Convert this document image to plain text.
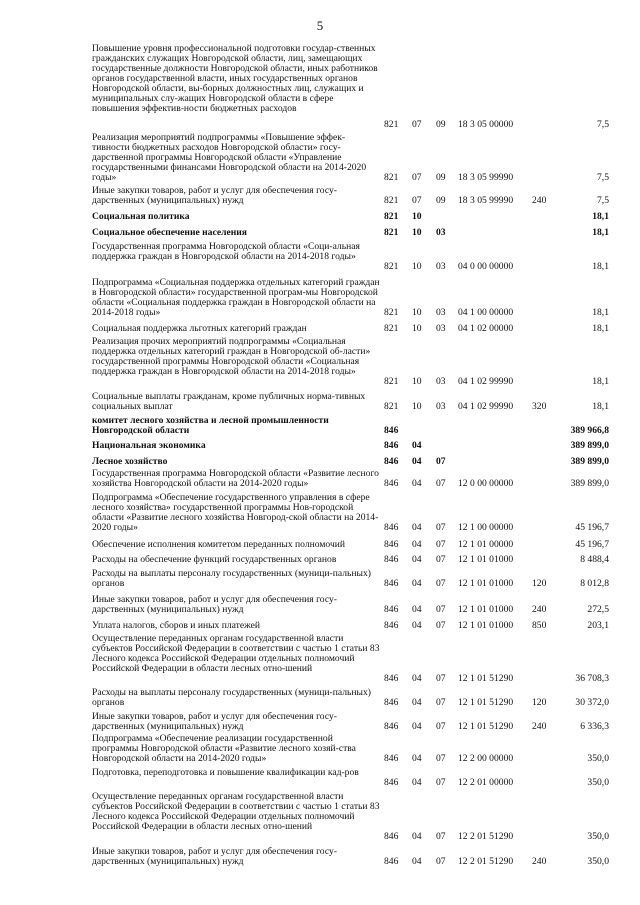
5
Повышение уровня профессиональной подготовки государ-ственных гражданских служащих Новгородской области, лиц, замещающих государственные должности Новгородской области, иных работников органов государственной власти, иных государственных органов Новгородской области, вы-борных должностных лиц, служащих и муниципальных слу-жащих Новгородской области в сфере повышения эффектив-ности бюджетных расходов
821 07 09 18 3 05 00000	7,5
Реализация мероприятий подпрограммы «Повышение эффек-тивности бюджетных расходов Новгородской области» госу-дарственной программы Новгородской области «Управление государственными финансами Новгородской области на 2014-2020 годы»	821 07 09 18 3 05 99990	7,5
Иные закупки товаров, работ и услуг для обеспечения госу-дарственных (муниципальных) нужд	821 07 09 18 3 05 99990 240	7,5
Социальная политика	821 10	18,1
Социальное обеспечение населения	821 10 03	18,1
Государственная программа Новгородской области «Соци-альная поддержка граждан в Новгородской области на 2014-2018 годы»
821 10 03 04 0 00 00000	18,1
Подпрограмма «Социальная поддержка отдельных категорий граждан в Новгородской области» государственной програм-мы Новгородской области «Социальная поддержка граждан в Новгородской области на 2014-2018 годы»	821 10 03 04 1 00 00000	18,1
Социальная поддержка льготных категорий граждан	821 10 03 04 1 02 00000	18,1
Реализация прочих мероприятий подпрограммы «Социальная поддержка отдельных категорий граждан в Новгородской об-ласти» государственной программы Новгородской области «Социальная поддержка граждан в Новгородской области на 2014-2018 годы»
821 10 03 04 1 02 99990	18,1
Социальные выплаты гражданам, кроме публичных норма-тивных социальных выплат	821 10 03 04 1 02 99990 320	18,1
комитет лесного хозяйства и лесной промышленности Новгородской области	846	389 966,8
Национальная экономика	846 04	389 899,0
Лесное хозяйство	846 04 07	389 899,0
Государственная программа Новгородской области «Развитие лесного хозяйства Новгородской области на 2014-2020 годы»	846 04 07 12 0 00 00000	389 899,0
Подпрограмма «Обеспечение государственного управления в сфере лесного хозяйства» государственной программы Нов-городской области «Развитие лесного хозяйства Новгород-ской области на 2014-2020 годы»	846 04 07 12 1 00 00000	45 196,7
Обеспечение исполнения комитетом переданных полномочий	846 04 07 12 1 01 00000	45 196,7
Расходы на обеспечение функций государственных органов	846 04 07 12 1 01 01000	8 488,4
Расходы на выплаты персоналу государственных (муници-пальных) органов	846 04 07 12 1 01 01000 120	8 012,8
Иные закупки товаров, работ и услуг для обеспечения госу-дарственных (муниципальных) нужд	846 04 07 12 1 01 01000 240	272,5
Уплата налогов, сборов и иных платежей	846 04 07 12 1 01 01000 850	203,1
Осуществление переданных органам государственной власти субъектов Российской Федерации в соответствии с частью 1 статьи 83 Лесного кодекса Российской Федерации отдельных полномочий Российской Федерации в области лесных отно-шений
846 04 07 12 1 01 51290	36 708,3
Расходы на выплаты персоналу государственных (муници-пальных) органов	846 04 07 12 1 01 51290 120	30 372,0
Иные закупки товаров, работ и услуг для обеспечения госу-дарственных (муниципальных) нужд	846 04 07 12 1 01 51290 240	6 336,3
Подпрограмма «Обеспечение реализации государственной программы Новгородской области «Развитие лесного хозяй-ства Новгородской области на 2014-2020 годы»	846 04 07 12 2 00 00000	350,0
Подготовка, переподготовка и повышение квалификации кад-ров
846 04 07 12 2 01 00000	350,0
Осуществление переданных органам государственной власти субъектов Российской Федерации в соответствии с частью 1 статьи 83 Лесного кодекса Российской Федерации отдельных полномочий Российской Федерации в области лесных отно-шений
846 04 07 12 2 01 51290	350,0
Иные закупки товаров, работ и услуг для обеспечения госу-дарственных (муниципальных) нужд	846 04 07 12 2 01 51290 240	350,0
